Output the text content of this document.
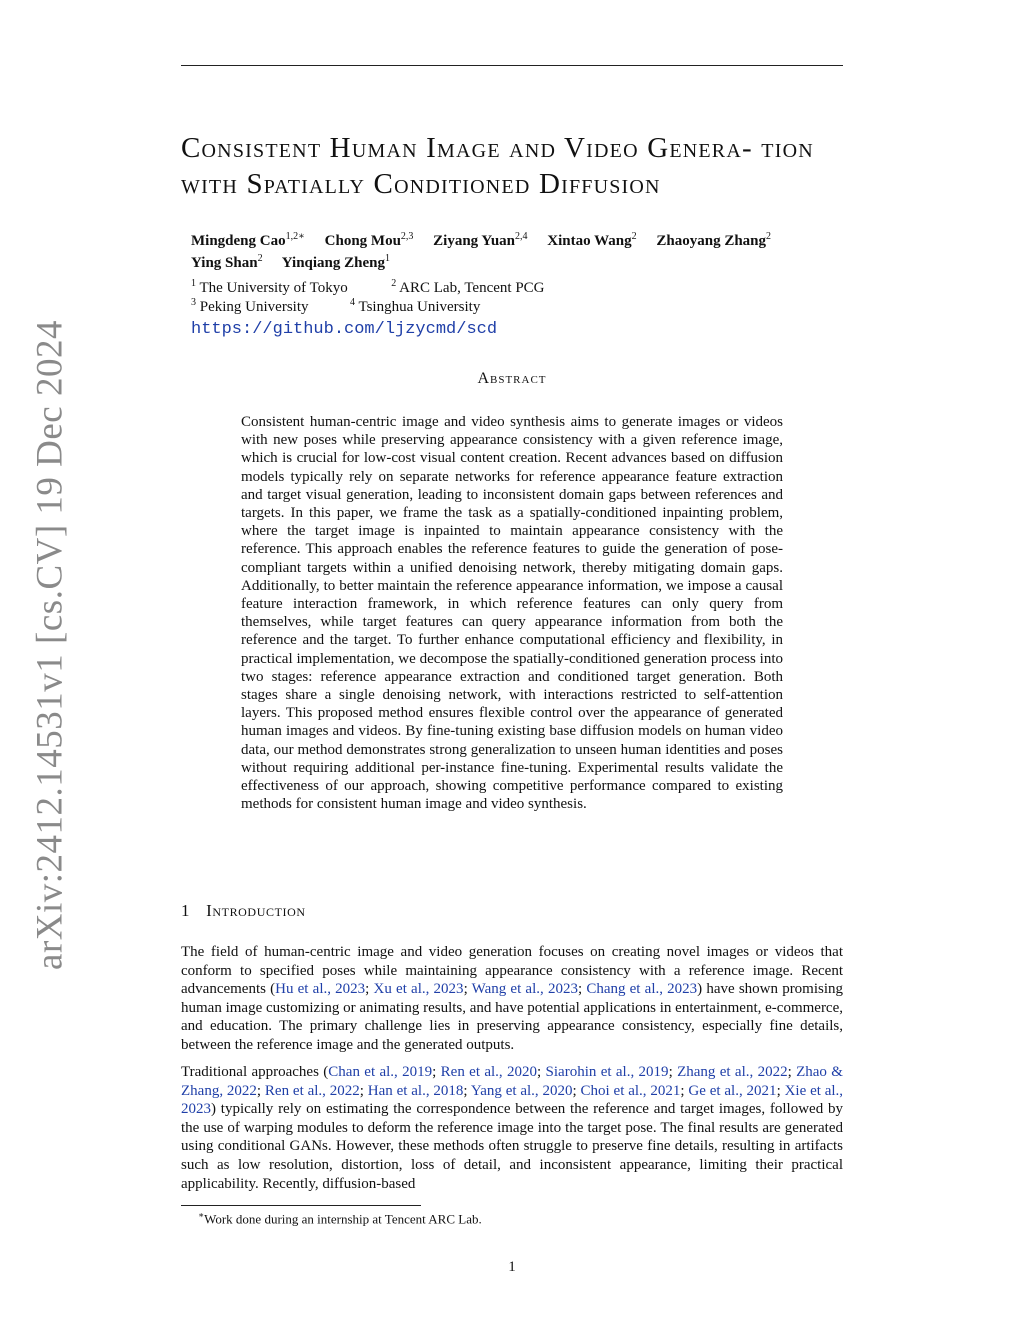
arXiv:2412.14531v1 [cs.CV] 19 Dec 2024
Consistent Human Image and Video Genera- tion with Spatially Conditioned Diffusion
Mingdeng Cao$^{1,2∗}$ Chong Mou$^{2,3}$ Ziyang Yuan$^{2,4}$ Xintao Wang$^2$ Zhaoyang Zhang$^2$
Ying Shan$^2$ Yinqiang Zheng$^1$
$^1$ The University of Tokyo	$^2$ ARC Lab, Tencent PCG
$^3$ Peking University	$^4$ Tsinghua University
https://github.com/ljzycmd/scd
Abstract

Consistent human-centric image and video synthesis aims to generate images or videos with new poses while preserving appearance consistency with a given reference image, which is crucial for low-cost visual content creation. Recent advances based on diffusion models typically rely on separate networks for reference appearance feature extraction and target visual generation, leading to inconsistent domain gaps between references and targets. In this paper, we frame the task as a spatially-conditioned inpainting problem, where the target image is inpainted to maintain appearance consistency with the reference. This approach enables the reference features to guide the generation of pose-compliant targets within a unified denoising network, thereby mitigating domain gaps. Additionally, to better maintain the reference appearance information, we impose a causal feature interaction framework, in which reference features can only query from themselves, while target features can query appearance information from both the reference and the target. To further enhance computational efficiency and flexibility, in practical implementation, we decompose the spatially-conditioned generation process into two stages: reference appearance extraction and conditioned target generation. Both stages share a single denoising network, with interactions restricted to self-attention layers. This proposed method ensures flexible control over the appearance of generated human images and videos. By fine-tuning existing base diffusion models on human video data, our method demonstrates strong generalization to unseen human identities and poses without requiring additional per-instance fine-tuning. Experimental results validate the effectiveness of our approach, showing competitive performance compared to existing methods for consistent human image and video synthesis.

1 Introduction

The field of human-centric image and video generation focuses on creating novel images or videos that conform to specified poses while maintaining appearance consistency with a reference image. Recent advancements (Hu et al., 2023; Xu et al., 2023; Wang et al., 2023; Chang et al., 2023) have shown promising human image customizing or animating results, and have potential applications in entertainment, e-commerce, and education. The primary challenge lies in preserving appearance consistency, especially fine details, between the reference image and the generated outputs.

Traditional approaches (Chan et al., 2019; Ren et al., 2020; Siarohin et al., 2019; Zhang et al., 2022; Zhao & Zhang, 2022; Ren et al., 2022; Han et al., 2018; Yang et al., 2020; Choi et al., 2021; Ge et al., 2021; Xie et al., 2023) typically rely on estimating the correspondence between the reference and target images, followed by the use of warping modules to deform the reference image into the target pose. The final results are generated using conditional GANs. However, these methods often struggle to preserve fine details, resulting in artifacts such as low resolution, distortion, loss of detail, and inconsistent appearance, limiting their practical applicability. Recently, diffusion-based

∗Work done during an internship at Tencent ARC Lab.
1
